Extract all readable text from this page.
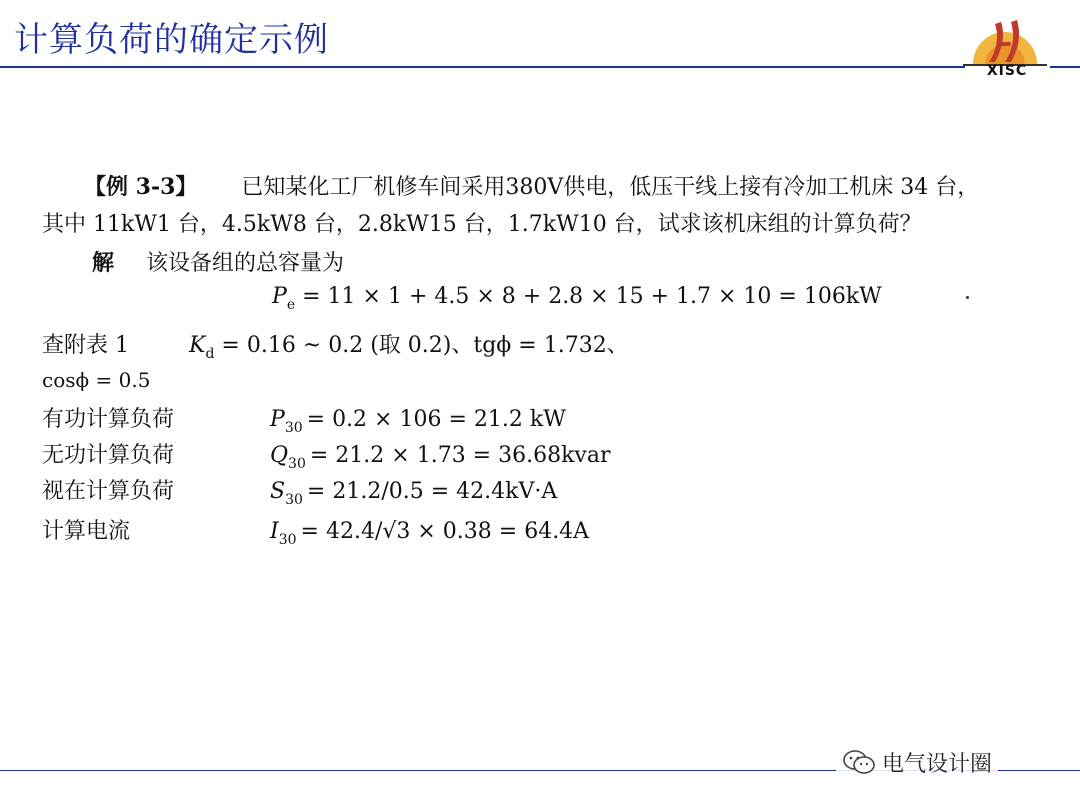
计算负荷的确定示例
XISC
【例 3-3】 已知某化工厂机修车间采用380V供电，低压干线上接有冷加工机床 34 台，
其中 11kW1 台，4.5kW8 台，2.8kW15 台，1.7kW10 台，试求该机床组的计算负荷？
解 该设备组的总容量为
$P_e = 11 \times 1 + 4.5 \times 8 + 2.8 \times 15 + 1.7 \times 10 = 106kW$
查附表 1	$K_d = 0.16$ ~ 0.2 (取 0.2)、tgϕ = 1.732、
cosϕ = 0.5
有功计算负荷	$P_{30} = 0.2 \times 106 = 21.2$ kW
无功计算负荷	$Q_{30} = 21.2 \times 1.73$ = 36.68kvar
视在计算负荷	$S_{30} = 21.2/0.5 = 42.4kV\cdot A$
计算电流	$I_{30} = 42.4/√3 \times 0.38 = 64.4A$
电气设计圈
